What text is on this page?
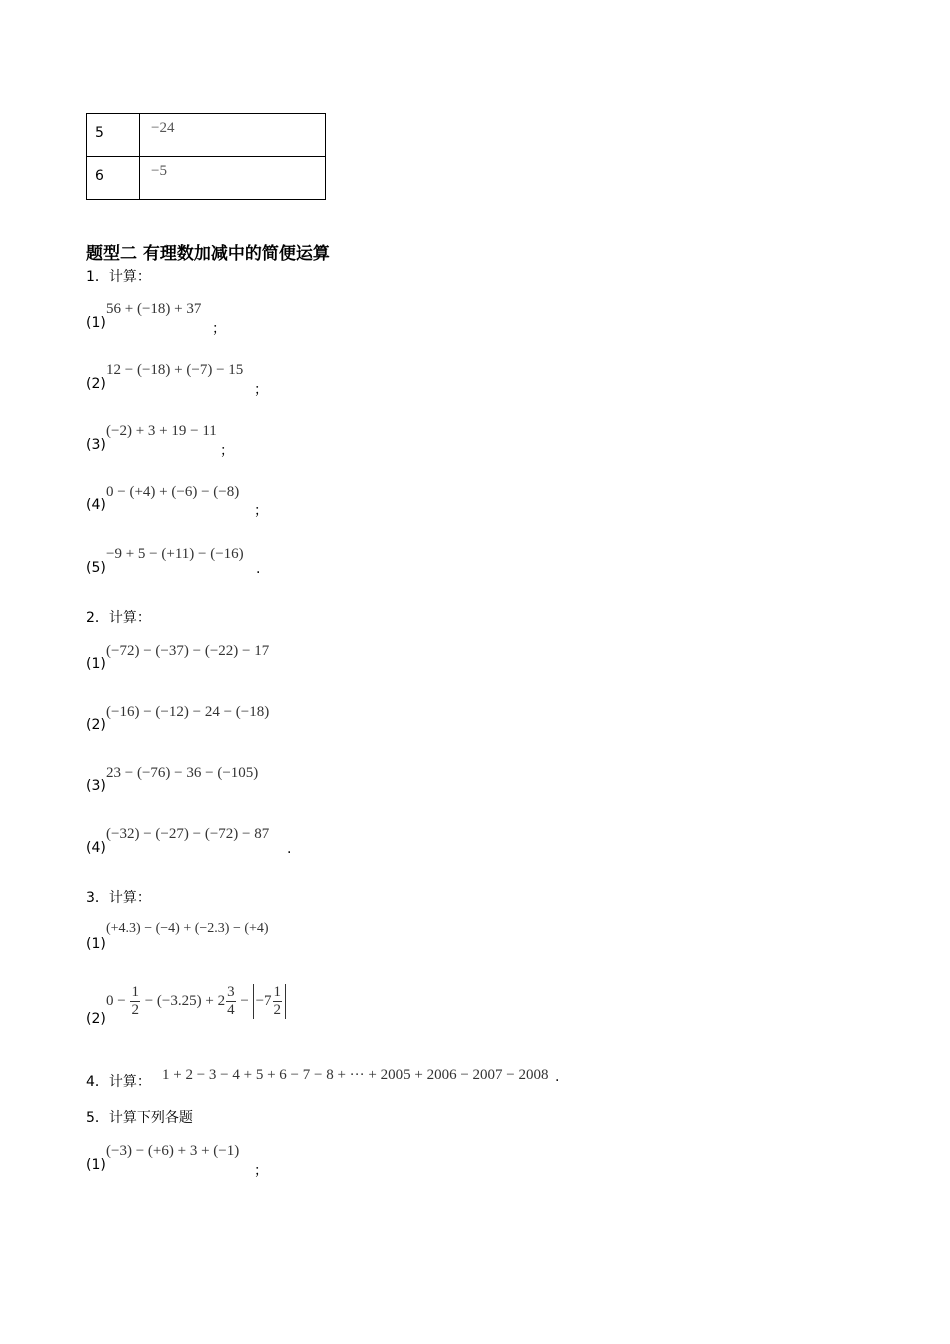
5	−24
6	−5
题型二 有理数加减中的简便运算
1．计算：
(1)
56 + (−18) + 37
；
(2)
12 − (−18) + (−7) − 15
；
(3)
(−2) + 3 + 19 − 11
；
(4)
0 − (+4) + (−6) − (−8)
；
(5)
−9 + 5 − (+11) − (−16)
.
2．计算：
(1)
(−72) − (−37) − (−22) − 17
(2)
(−16) − (−12) − 24 − (−18)
(3)
23 − (−76) − 36 − (−105)
(4)
(−32) − (−27) − (−72) − 87
.
3．计算：
(1)
(+4.3) − (−4) + (−2.3) − (+4)
(2)
$0 - \frac{1}{2} - (-3.25) + 2 \frac{3}{4} - -7 \frac{1}{2}$
4．计算： 1 + 2 − 3 − 4 + 5 + 6 − 7 − 8 + ··· + 2005 + 2006 − 2007 − 2008 .
5．计算下列各题
(1)
(−3) − (+6) + 3 + (−1)
；
